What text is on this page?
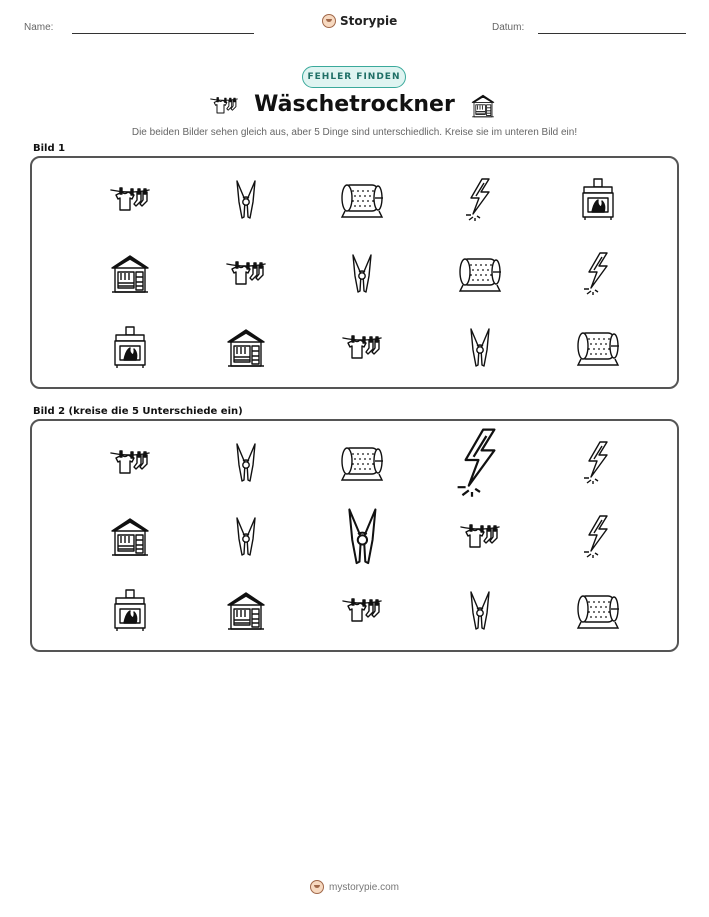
Name:	Storypie	Datum:
FEHLER FINDEN
Wäschetrockner
Die beiden Bilder sehen gleich aus, aber 5 Dinge sind unterschiedlich. Kreise sie im unteren Bild ein!
Bild 1
Bild 2 (kreise die 5 Unterschiede ein)
mystorypie.com
